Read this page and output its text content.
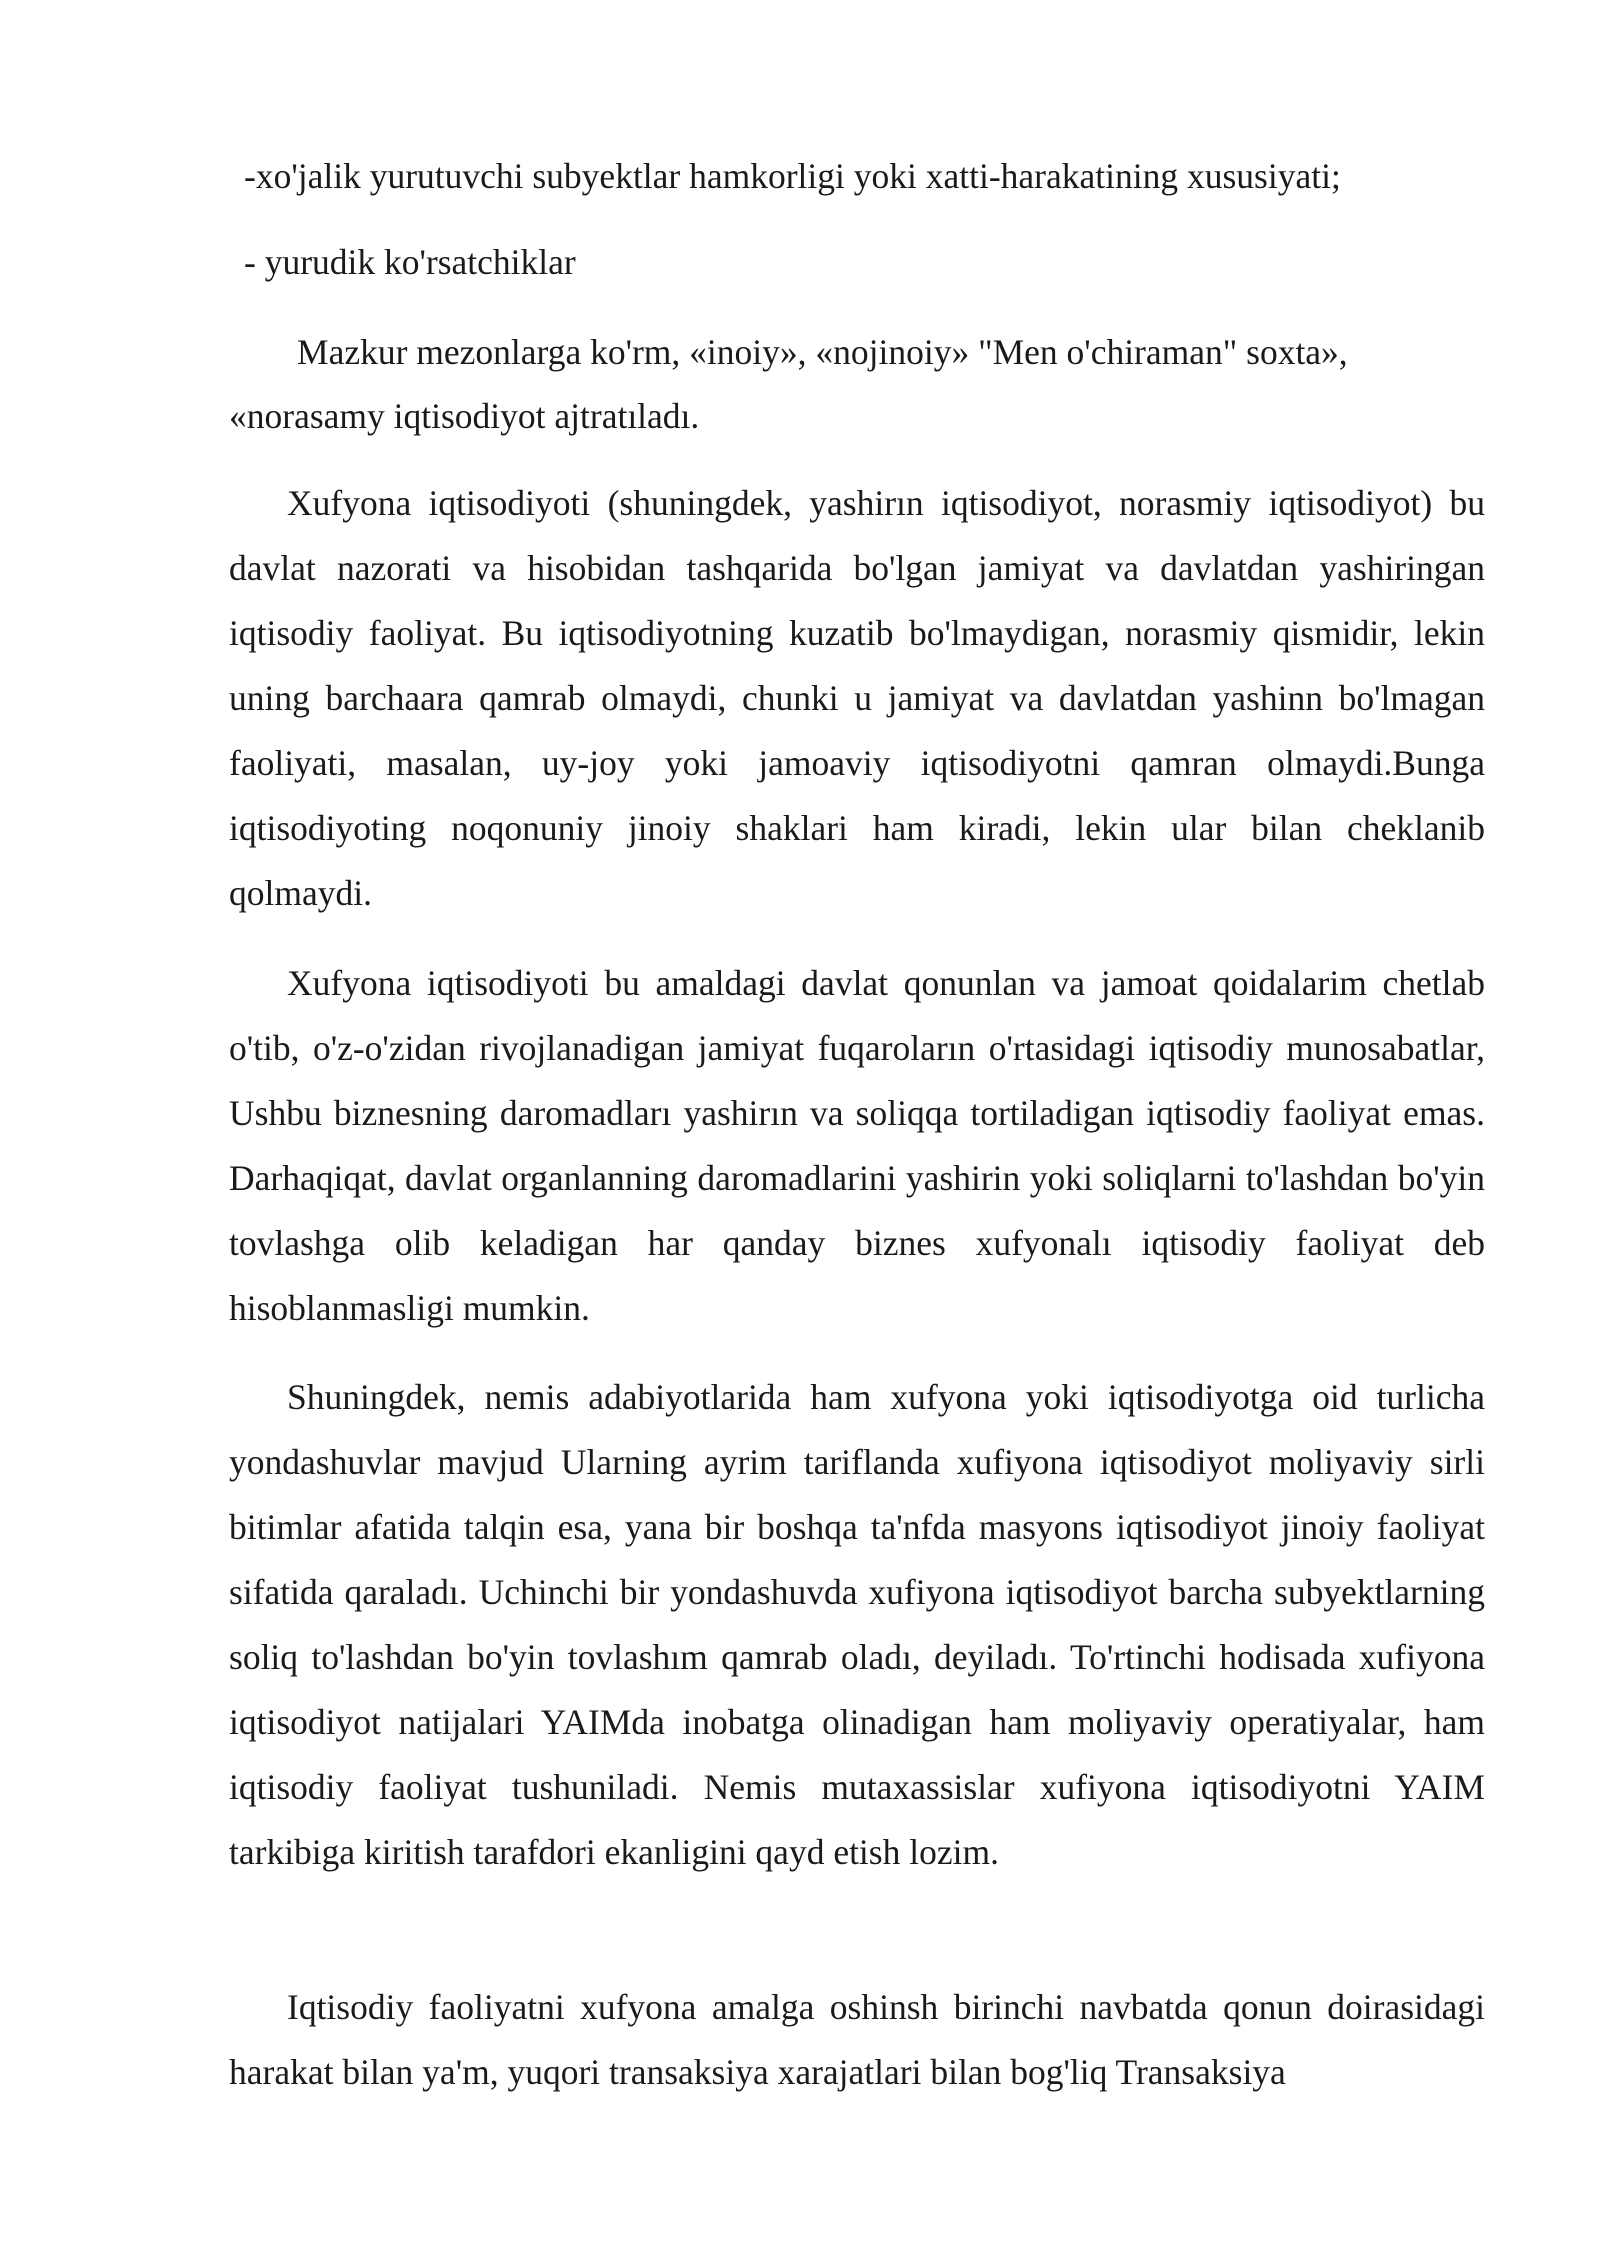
-xo'jalik yurutuvchi subyektlar hamkorligi yoki xatti-harakatining xususiyati;

- yurudik ko'rsatchiklar

Mazkur mezonlarga ko'rm, «inoiy», «nojinoiy» "Men o'chiraman" soxta», «norasamy iqtisodiyot ajtratıladı.

Xufyona iqtisodiyoti (shuningdek, yashirın iqtisodiyot, norasmiy iqtisodiyot) bu davlat nazorati va hisobidan tashqarida bo'lgan jamiyat va davlatdan yashiringan iqtisodiy faoliyat. Bu iqtisodiyotning kuzatib bo'lmaydigan, norasmiy qismidir, lekin uning barchaara qamrab olmaydi, chunki u jamiyat va davlatdan yashinn bo'lmagan faoliyati, masalan, uy-joy yoki jamoaviy iqtisodiyotni qamran olmaydi.Bunga iqtisodiyoting noqonuniy jinoiy shaklari ham kiradi, lekin ular bilan cheklanib qolmaydi.

Xufyona iqtisodiyoti bu amaldagi davlat qonunlan va jamoat qoidalarim chetlab o'tib, o'z-o'zidan rivojlanadigan jamiyat fuqaroların o'rtasidagi iqtisodiy munosabatlar, Ushbu biznesning daromadları yashirın va soliqqa tortiladigan iqtisodiy faoliyat emas. Darhaqiqat, davlat organlanning daromadlarini yashirin yoki soliqlarni to'lashdan bo'yin tovlashga olib keladigan har qanday biznes xufyonalı iqtisodiy faoliyat deb hisoblanmasligi mumkin.

Shuningdek, nemis adabiyotlarida ham xufyona yoki iqtisodiyotga oid turlicha yondashuvlar mavjud Ularning ayrim tariflanda xufiyona iqtisodiyot moliyaviy sirli bitimlar afatida talqin esa, yana bir boshqa ta'nfda masyons iqtisodiyot jinoiy faoliyat sifatida qaraladı. Uchinchi bir yondashuvda xufiyona iqtisodiyot barcha subyektlarning soliq to'lashdan bo'yin tovlashım qamrab oladı, deyiladı. To'rtinchi hodisada xufiyona iqtisodiyot natijalari YAIMda inobatga olinadigan ham moliyaviy operatiyalar, ham iqtisodiy faoliyat tushuniladi. Nemis mutaxassislar xufiyona iqtisodiyotni YAIM tarkibiga kiritish tarafdori ekanligini qayd etish lozim.

Iqtisodiy faoliyatni xufyona amalga oshinsh birinchi navbatda qonun doirasidagi harakat bilan ya'm, yuqori transaksiya xarajatlari bilan bog'liq Transaksiya
